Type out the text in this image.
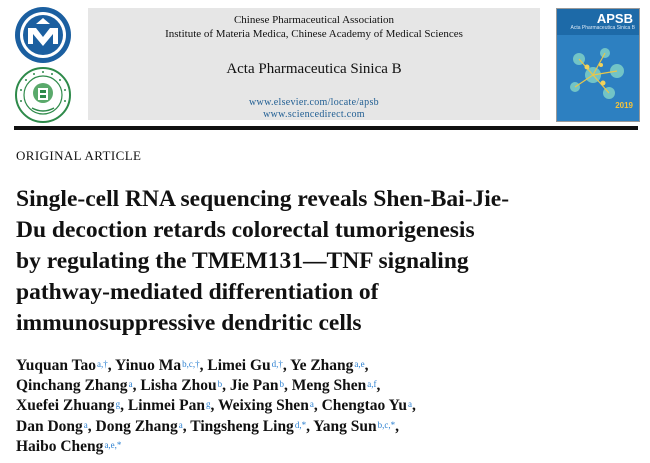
Chinese Pharmaceutical Association
Institute of Materia Medica, Chinese Academy of Medical Sciences
Acta Pharmaceutica Sinica B
www.elsevier.com/locate/apsb
www.sciencedirect.com
APSB
Acta Pharmaceutica Sinica B
2019
ORIGINAL ARTICLE
Single-cell RNA sequencing reveals Shen-Bai-Jie-
Du decoction retards colorectal tumorigenesis
by regulating the TMEM131—TNF signaling
pathway-mediated differentiation of
immunosuppressive dendritic cells
Yuquan Tao$^{a,\dagger}$, Yinuo $Ma^{b,c,\dagger}$, Limei $Gu^{d,\dagger}$, Ye Zhang$^{a,e}$,
Qinchang Zhang$^a$, Lisha Zhou$^b$, Jie Pan$^b$, Meng Shen$^{a,f}$,
Xuefei Zhuang$^g$, Linmei Pan$^g$, Weixing Shen$^a$, Chengtao Yu$^a$,
Dan Dong$^a$, Dong Zhang$^a$, Tingsheng Ling$^{d,*}$, Yang Sun$^{b,c,*}$,
Haibo Cheng$^{a,e,*}$
